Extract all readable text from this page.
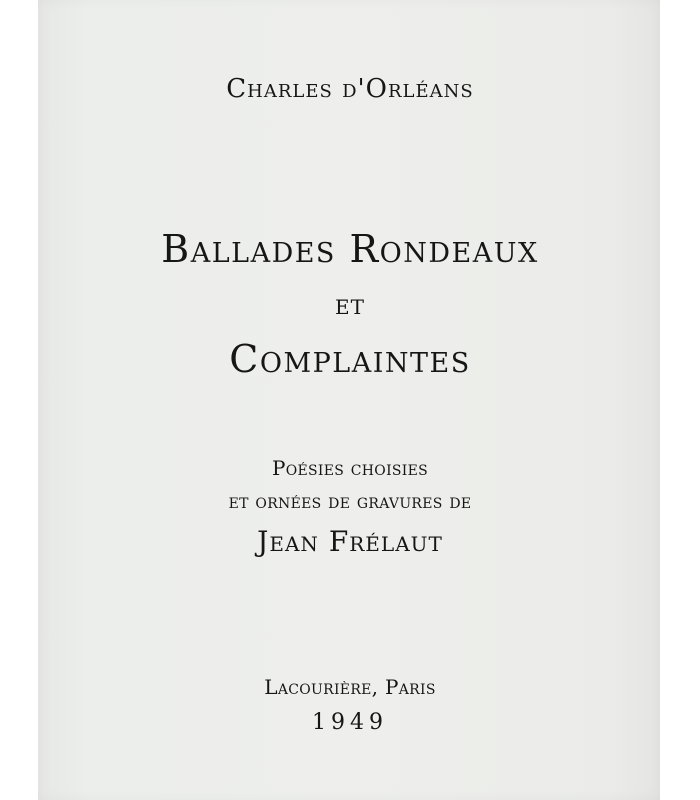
Charles d'Orléans
Ballades Rondeaux
et
Complaintes
Poésies choisies
et ornées de gravures de
Jean Frélaut
Lacourière, Paris
1949
